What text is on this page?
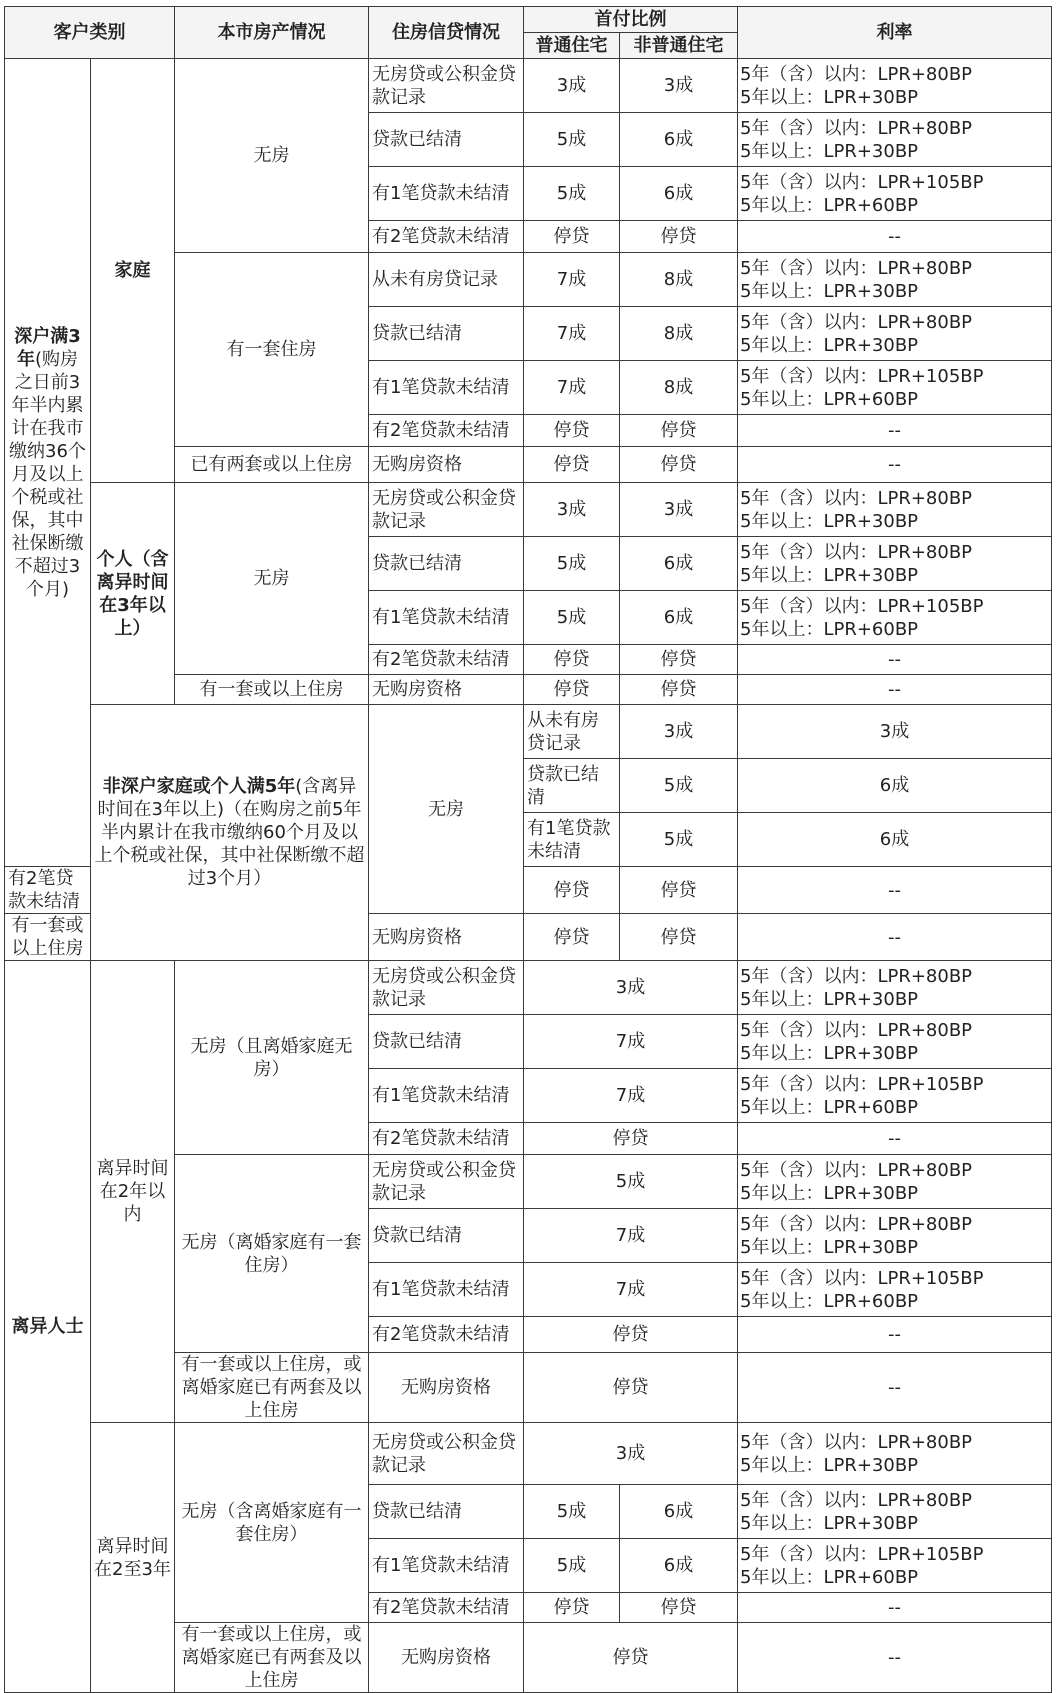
客户类别		本市房产情况	住房信贷情况	首付比例		利率	
				普通住宅	非普通住宅		
深户满3年(购房之日前3年半内累计在我市缴纳36个月及以上个税或社保，其中社保断缴不超过3个月)	家庭	无房	无房贷或公积金贷款记录	3成	3成	5年（含）以内：LPR+80BP
5年以上：LPR+30BP	

			贷款已结清	5成	6成	5年（含）以内：LPR+80BP
5年以上：LPR+30BP	

			有1笔贷款未结清	5成	6成	5年（含）以内：LPR+105BP
5年以上：LPR+60BP	

			有2笔贷款未结清	停贷	停贷	--	
		有一套住房	从未有房贷记录	7成	8成	5年（含）以内：LPR+80BP
5年以上：LPR+30BP	

			贷款已结清	7成	8成	5年（含）以内：LPR+80BP
5年以上：LPR+30BP	

			有1笔贷款未结清	7成	8成	5年（含）以内：LPR+105BP
5年以上：LPR+60BP	

			有2笔贷款未结清	停贷	停贷	--	
		已有两套或以上住房	无购房资格	停贷	停贷	--	
	个人（含离异时间在3年以上）	无房	无房贷或公积金贷款记录	3成	3成	5年（含）以内：LPR+80BP
5年以上：LPR+30BP	

			贷款已结清	5成	6成	5年（含）以内：LPR+80BP
5年以上：LPR+30BP	

			有1笔贷款未结清	5成	6成	5年（含）以内：LPR+105BP
5年以上：LPR+60BP	

			有2笔贷款未结清	停贷	停贷	--	
		有一套或以上住房	无购房资格	停贷	停贷	--	
	非深户家庭或个人满5年(含离异时间在3年以上)（在购房之前5年半内累计在我市缴纳60个月及以上个税或社保，其中社保断缴不超过3个月）		无房	从未有房贷记录	3成	3成	

				贷款已结清	5成	6成	

				有1笔贷款未结清	5成	6成	

有2笔贷款未结清				停贷	停贷	--	
有一套或以上住房			无购房资格	停贷	停贷	--	
离异人士	离异时间在2年以内	无房（且离婚家庭无房）	无房贷或公积金贷款记录	3成		5年（含）以内：LPR+80BP
5年以上：LPR+30BP	

			贷款已结清	7成		5年（含）以内：LPR+80BP
5年以上：LPR+30BP	

			有1笔贷款未结清	7成		5年（含）以内：LPR+105BP
5年以上：LPR+60BP	

			有2笔贷款未结清	停贷		--	
		无房（离婚家庭有一套住房）	无房贷或公积金贷款记录	5成		5年（含）以内：LPR+80BP
5年以上：LPR+30BP	

			贷款已结清	7成		5年（含）以内：LPR+80BP
5年以上：LPR+30BP	

			有1笔贷款未结清	7成		5年（含）以内：LPR+105BP
5年以上：LPR+60BP	

			有2笔贷款未结清	停贷		--	
		有一套或以上住房，或离婚家庭已有两套及以上住房	无购房资格	停贷		--	
	离异时间在2至3年	无房（含离婚家庭有一套住房）	无房贷或公积金贷款记录	3成		5年（含）以内：LPR+80BP
5年以上：LPR+30BP	

			贷款已结清	5成	6成	5年（含）以内：LPR+80BP
5年以上：LPR+30BP	

			有1笔贷款未结清	5成	6成	5年（含）以内：LPR+105BP
5年以上：LPR+60BP	

			有2笔贷款未结清	停贷	停贷	--	
		有一套或以上住房，或离婚家庭已有两套及以上住房	无购房资格	停贷		--	
